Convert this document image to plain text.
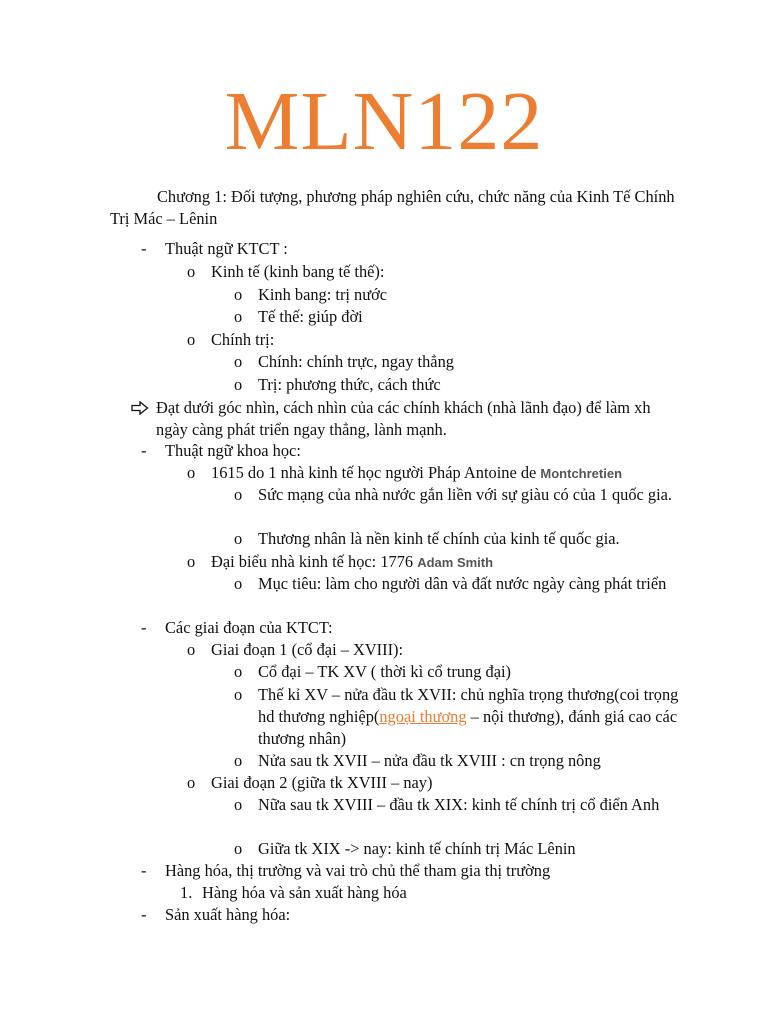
MLN122
Chương 1: Đối tượng, phương pháp nghiên cứu, chức năng của Kinh Tế Chính Trị Mác – Lênin
- Thuật ngữ KTCT :
o Kinh tế (kinh bang tế thế):
o Kinh bang: trị nước
o Tế thế: giúp đời
o Chính trị:
o Chính: chính trực, ngay thẳng
o Trị: phương thức, cách thức
Đạt dưới góc nhìn, cách nhìn của các chính khách (nhà lãnh đạo) để làm xh ngày càng phát triển ngay thẳng, lành mạnh.
- Thuật ngữ khoa học:
o 1615 do 1 nhà kinh tế học người Pháp Antoine de Montchretien
o Sức mạng của nhà nước gắn liền với sự giàu có của 1 quốc gia.
o Thương nhân là nền kinh tế chính của kinh tế quốc gia.
o Đại biểu nhà kinh tế học: 1776 Adam Smith
o Mục tiêu: làm cho người dân và đất nước ngày càng phát triển
- Các giai đoạn của KTCT:
o Giai đoạn 1 (cổ đại – XVIII):
o Cổ đại – TK XV ( thời kì cổ trung đại)
o Thế kỉ XV – nửa đầu tk XVII: chủ nghĩa trọng thương(coi trọng hd thương nghiệp(ngoại thương – nội thương), đánh giá cao các thương nhân)
o Nửa sau tk XVII – nửa đầu tk XVIII : cn trọng nông
o Giai đoạn 2 (giữa tk XVIII – nay)
o Nữa sau tk XVIII – đầu tk XIX: kinh tế chính trị cổ điển Anh
o Giữa tk XIX -> nay: kinh tế chính trị Mác Lênin
- Hàng hóa, thị trường và vai trò chủ thể tham gia thị trường
1. Hàng hóa và sản xuất hàng hóa
- Sản xuất hàng hóa:
